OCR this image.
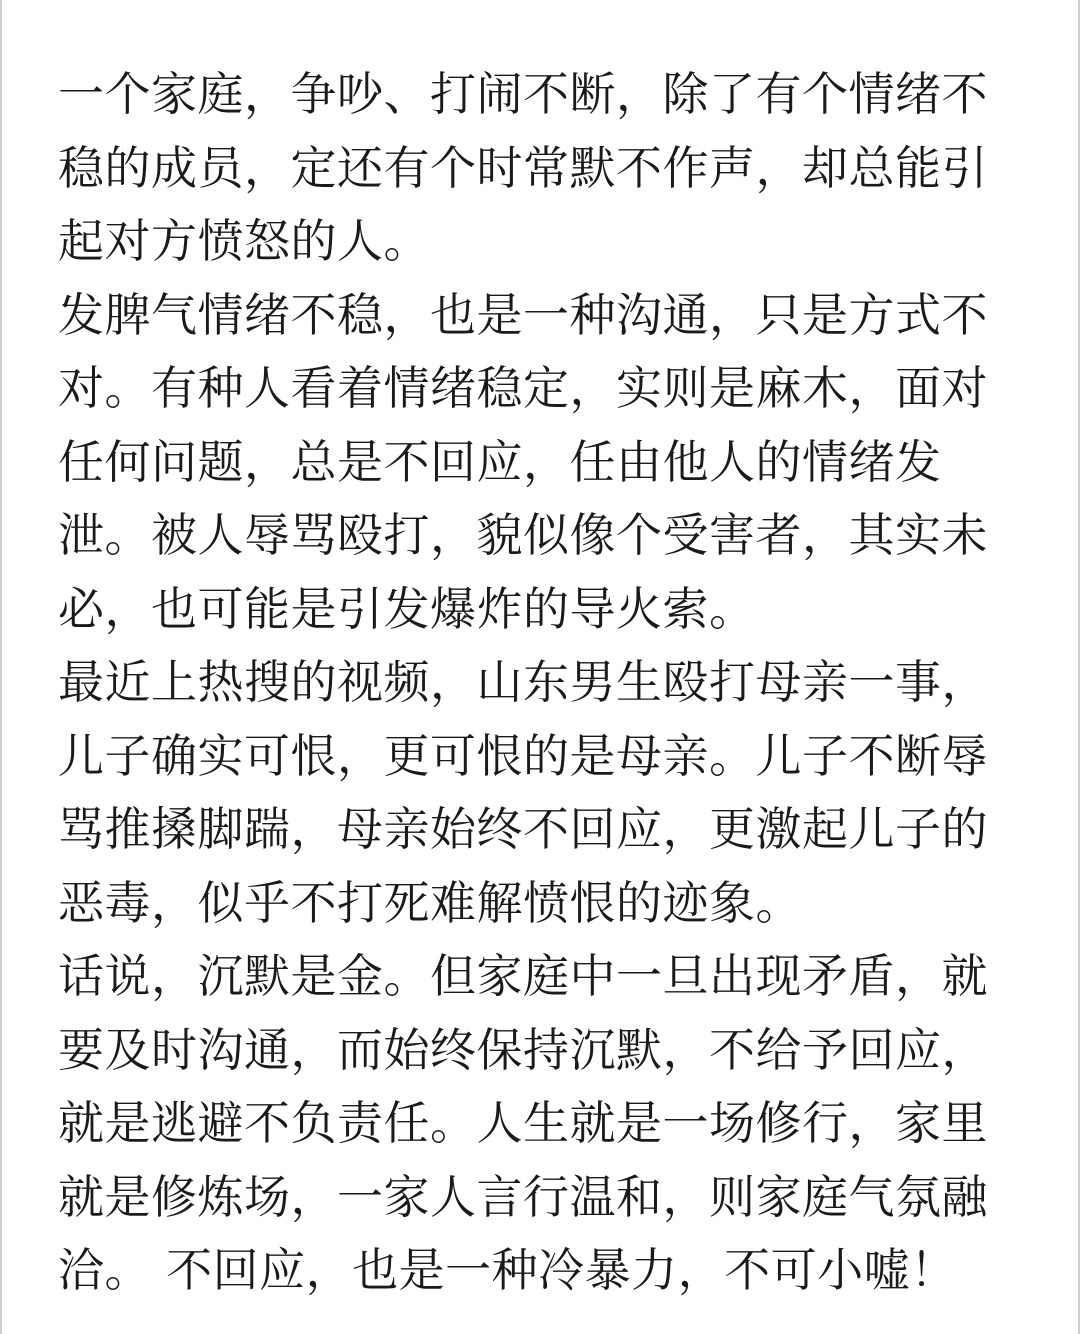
一个家庭，争吵、打闹不断，除了有个情绪不
稳的成员，定还有个时常默不作声，却总能引
起对方愤怒的人。

发脾气情绪不稳，也是一种沟通，只是方式不
对。有种人看着情绪稳定，实则是麻木，面对
任何问题，总是不回应，任由他人的情绪发
泄。被人辱骂殴打，貌似像个受害者，其实未
必，也可能是引发爆炸的导火索。

最近上热搜的视频，山东男生殴打母亲一事，
儿子确实可恨，更可恨的是母亲。儿子不断辱
骂推搡脚踹，母亲始终不回应，更激起儿子的
恶毒，似乎不打死难解愤恨的迹象。

话说，沉默是金。但家庭中一旦出现矛盾，就
要及时沟通，而始终保持沉默，不给予回应，
就是逃避不负责任。人生就是一场修行，家里
就是修炼场，一家人言行温和，则家庭气氛融
洽。 不回应，也是一种冷暴力，不可小嘘！
